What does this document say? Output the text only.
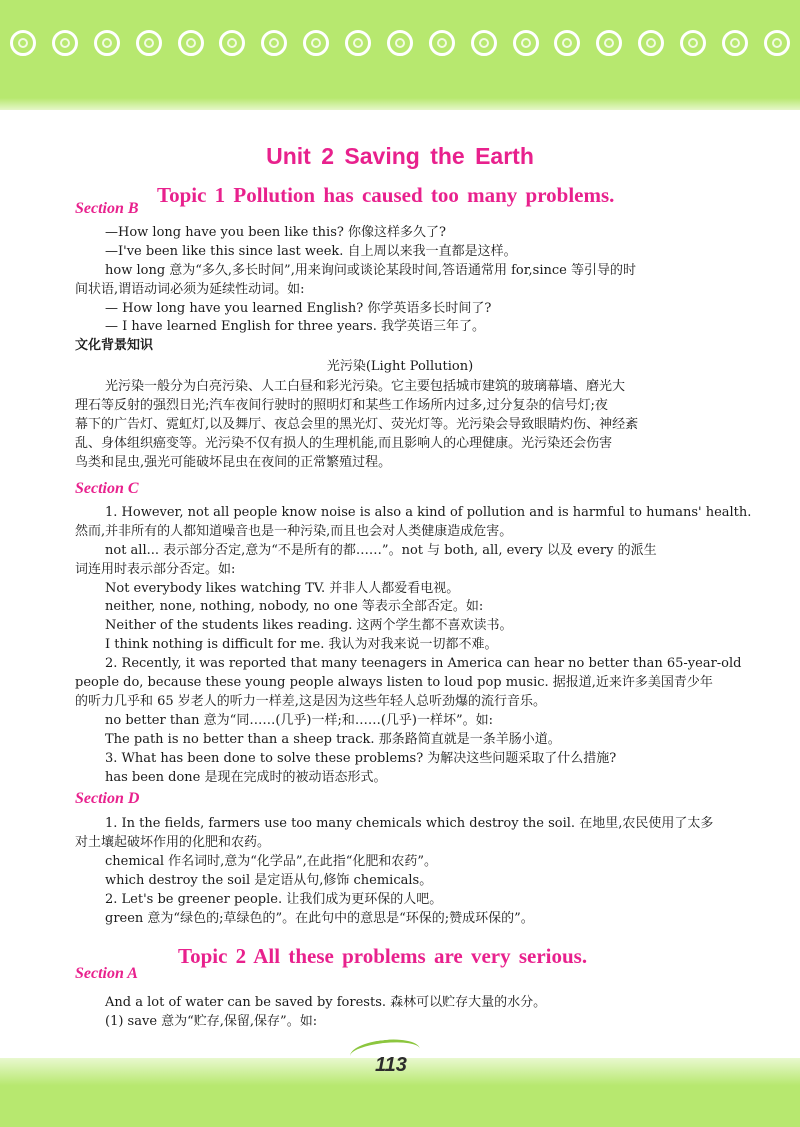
Unit 2 Saving the Earth
Topic 1 Pollution has caused too many problems.
Section B
—How long have you been like this? 你像这样多久了?
—I've been like this since last week. 自上周以来我一直都是这样。
how long 意为“多久,多长时间”,用来询问或谈论某段时间,答语通常用 for,since 等引导的时
间状语,谓语动词必须为延续性动词。如:
— How long have you learned English? 你学英语多长时间了?
— I have learned English for three years. 我学英语三年了。
文化背景知识
光污染(Light Pollution)
光污染一般分为白亮污染、人工白昼和彩光污染。它主要包括城市建筑的玻璃幕墙、磨光大
理石等反射的强烈日光;汽车夜间行驶时的照明灯和某些工作场所内过多,过分复杂的信号灯;夜
幕下的广告灯、霓虹灯,以及舞厅、夜总会里的黑光灯、荧光灯等。光污染会导致眼睛灼伤、神经紊
乱、身体组织癌变等。光污染不仅有损人的生理机能,而且影响人的心理健康。光污染还会伤害
鸟类和昆虫,强光可能破坏昆虫在夜间的正常繁殖过程。
Section C
1. However, not all people know noise is also a kind of pollution and is harmful to humans' health.
然而,并非所有的人都知道噪音也是一种污染,而且也会对人类健康造成危害。
not all... 表示部分否定,意为“不是所有的都……”。not 与 both, all, every 以及 every 的派生
词连用时表示部分否定。如:
Not everybody likes watching TV. 并非人人都爱看电视。
neither, none, nothing, nobody, no one 等表示全部否定。如:
Neither of the students likes reading. 这两个学生都不喜欢读书。
I think nothing is difficult for me. 我认为对我来说一切都不难。
2. Recently, it was reported that many teenagers in America can hear no better than 65-year-old
people do, because these young people always listen to loud pop music. 据报道,近来许多美国青少年
的听力几乎和 65 岁老人的听力一样差,这是因为这些年轻人总听劲爆的流行音乐。
no better than 意为“同……(几乎)一样;和……(几乎)一样坏”。如:
The path is no better than a sheep track. 那条路简直就是一条羊肠小道。
3. What has been done to solve these problems? 为解决这些问题采取了什么措施?
has been done 是现在完成时的被动语态形式。
Section D
1. In the fields, farmers use too many chemicals which destroy the soil. 在地里,农民使用了太多
对土壤起破坏作用的化肥和农药。
chemical 作名词时,意为“化学品”,在此指“化肥和农药”。
which destroy the soil 是定语从句,修饰 chemicals。
2. Let's be greener people. 让我们成为更环保的人吧。
green 意为“绿色的;草绿色的”。在此句中的意思是“环保的;赞成环保的”。
Topic 2 All these problems are very serious.
Section A
And a lot of water can be saved by forests. 森林可以贮存大量的水分。
(1) save 意为“贮存,保留,保存”。如:
113
